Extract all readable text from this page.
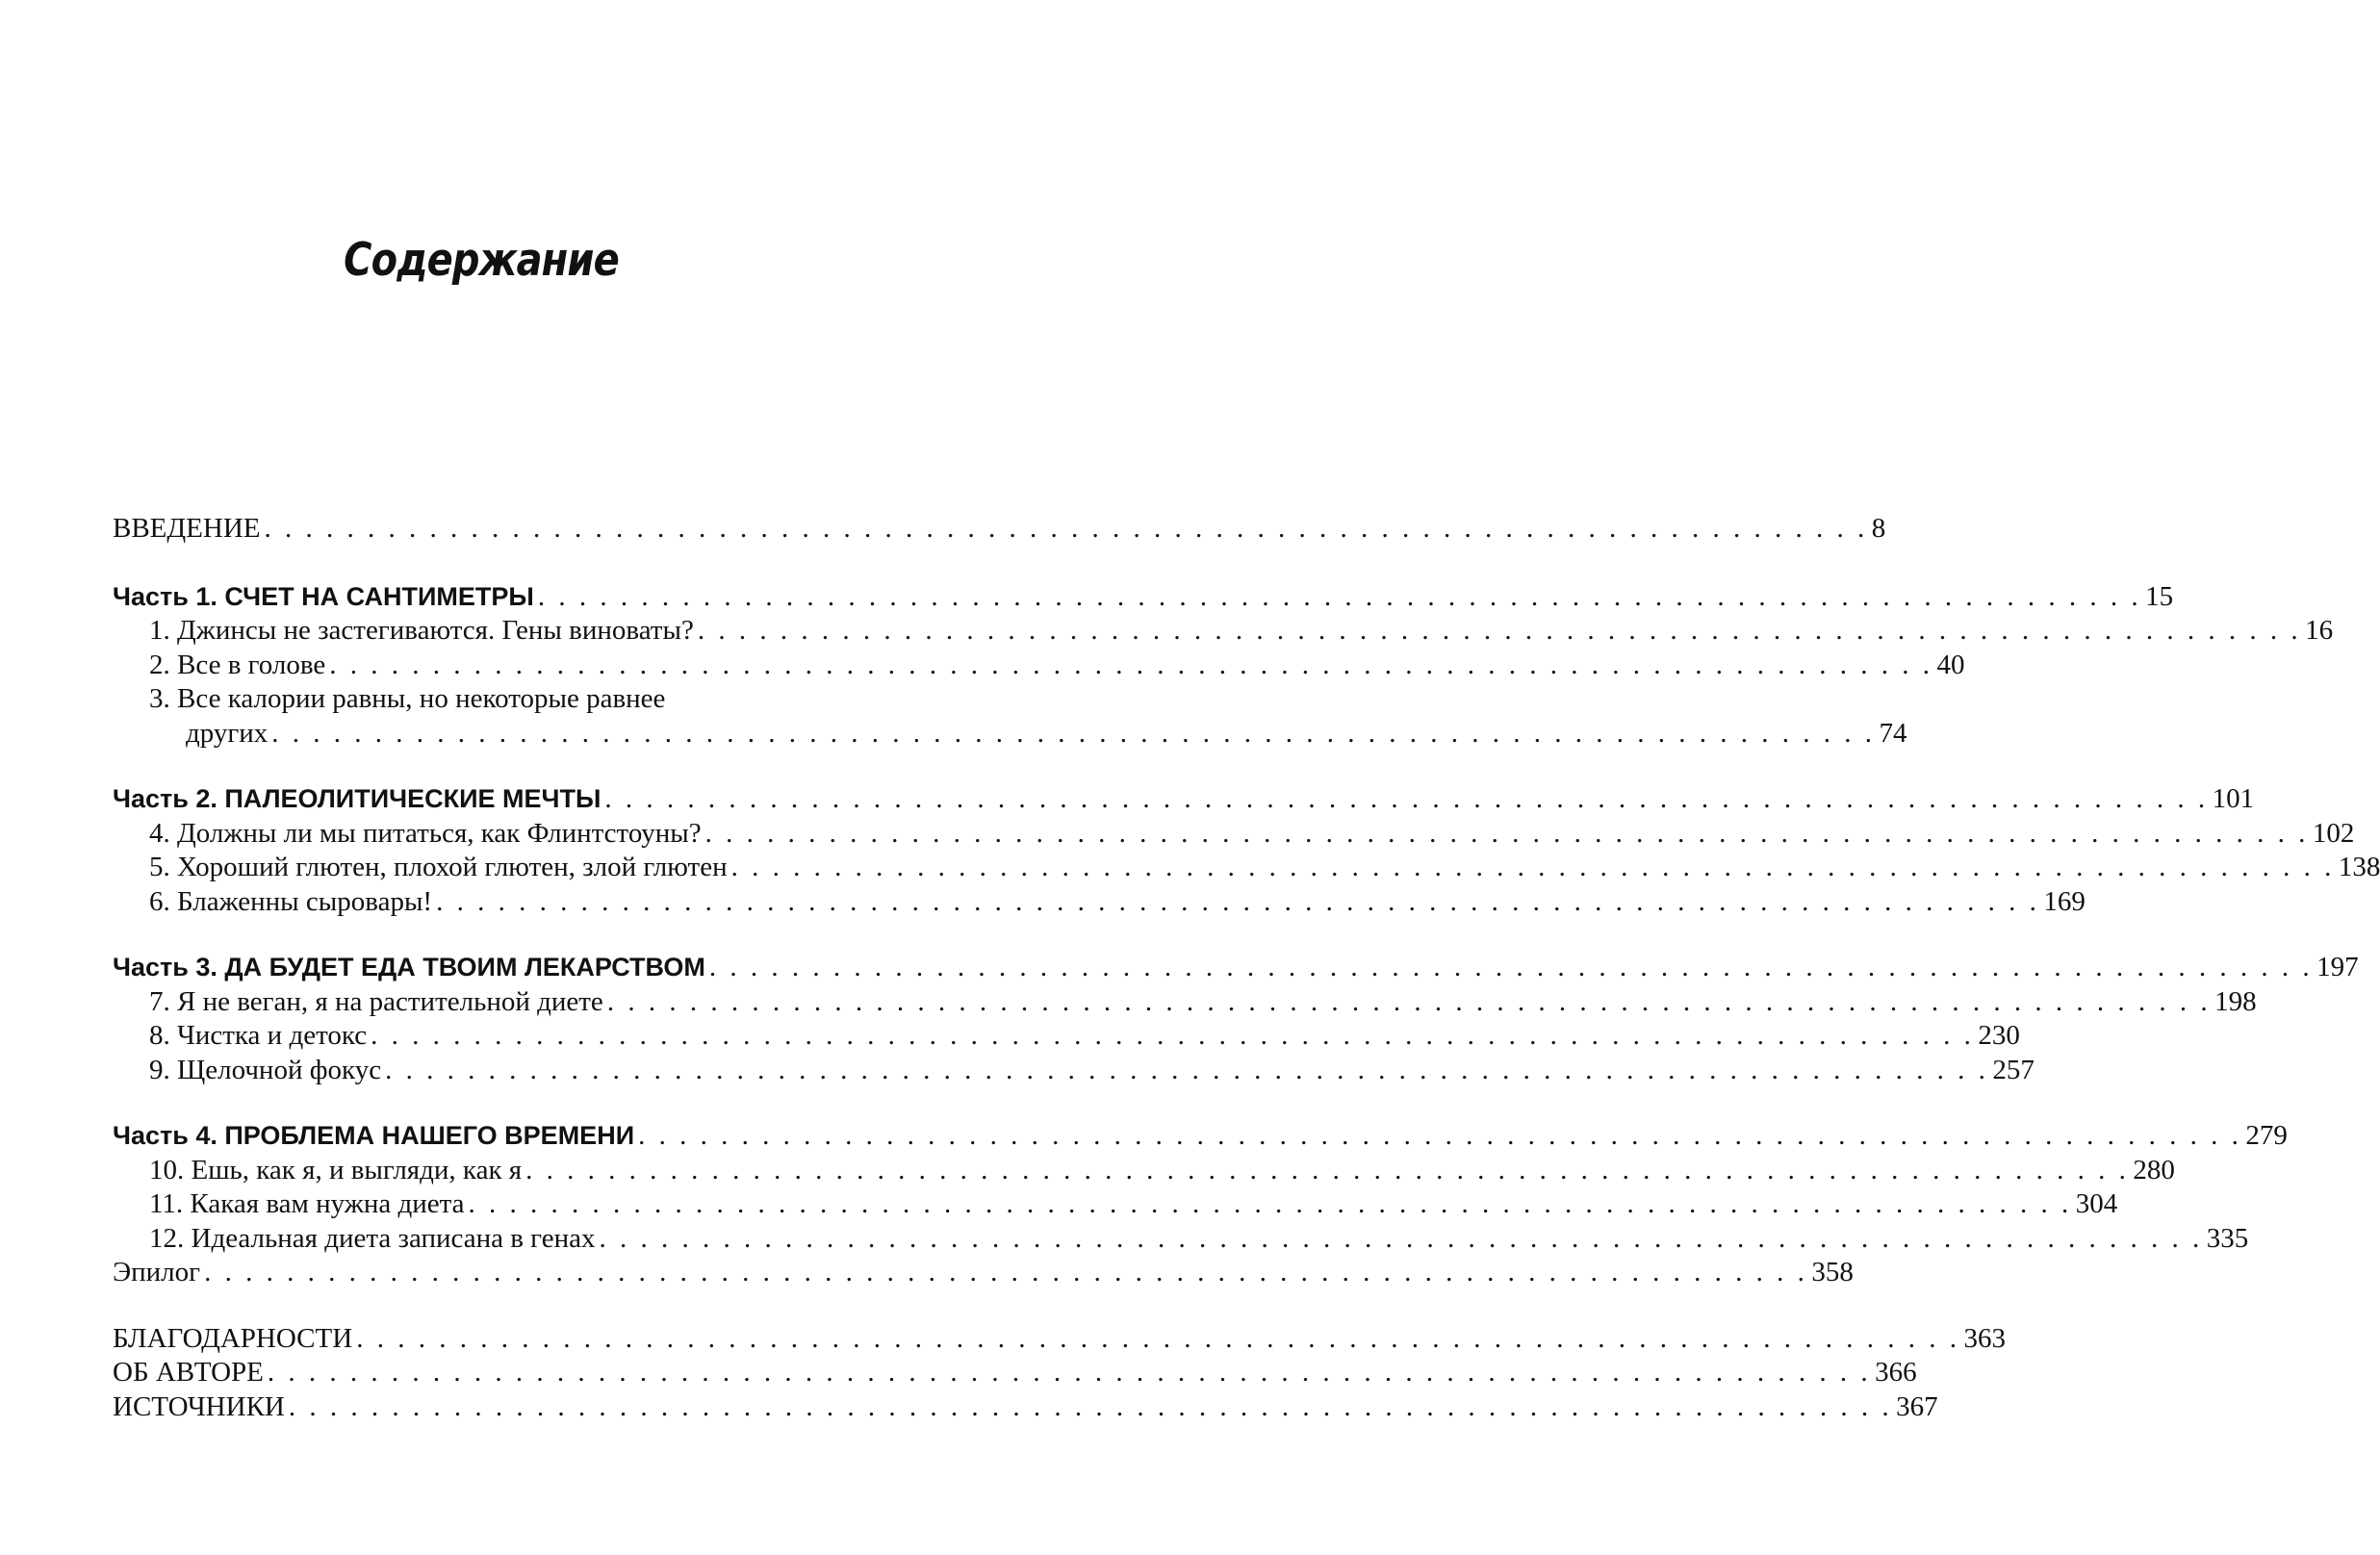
Содержание
ВВЕДЕНИЕ . . .	8
Часть 1. СЧЕТ НА САНТИМЕТРЫ . . .	15
1. Джинсы не застегиваются. Гены виноваты? . . .	16
2. Все в голове . . .	40
3. Все калории равны, но некоторые равнее
других . . .	74
Часть 2. ПАЛЕОЛИТИЧЕСКИЕ МЕЧТЫ . . .	101
4. Должны ли мы питаться, как Флинтстоуны? . . .	102
5. Хороший глютен, плохой глютен, злой глютен . . .	138
6. Блаженны сыровары! . . .	169
Часть 3. ДА БУДЕТ ЕДА ТВОИМ ЛЕКАРСТВОМ . . .	197
7. Я не веган, я на растительной диете . . .	198
8. Чистка и детокс . . .	230
9. Щелочной фокус . . .	257
Часть 4. ПРОБЛЕМА НАШЕГО ВРЕМЕНИ . . .	279
10. Ешь, как я, и выгляди, как я . . .	280
11. Какая вам нужна диета . . .	304
12. Идеальная диета записана в генах . . .	335
Эпилог . . .	358
БЛАГОДАРНОСТИ . . .	363
ОБ АВТОРЕ . . .	366
ИСТОЧНИКИ . . .	367
